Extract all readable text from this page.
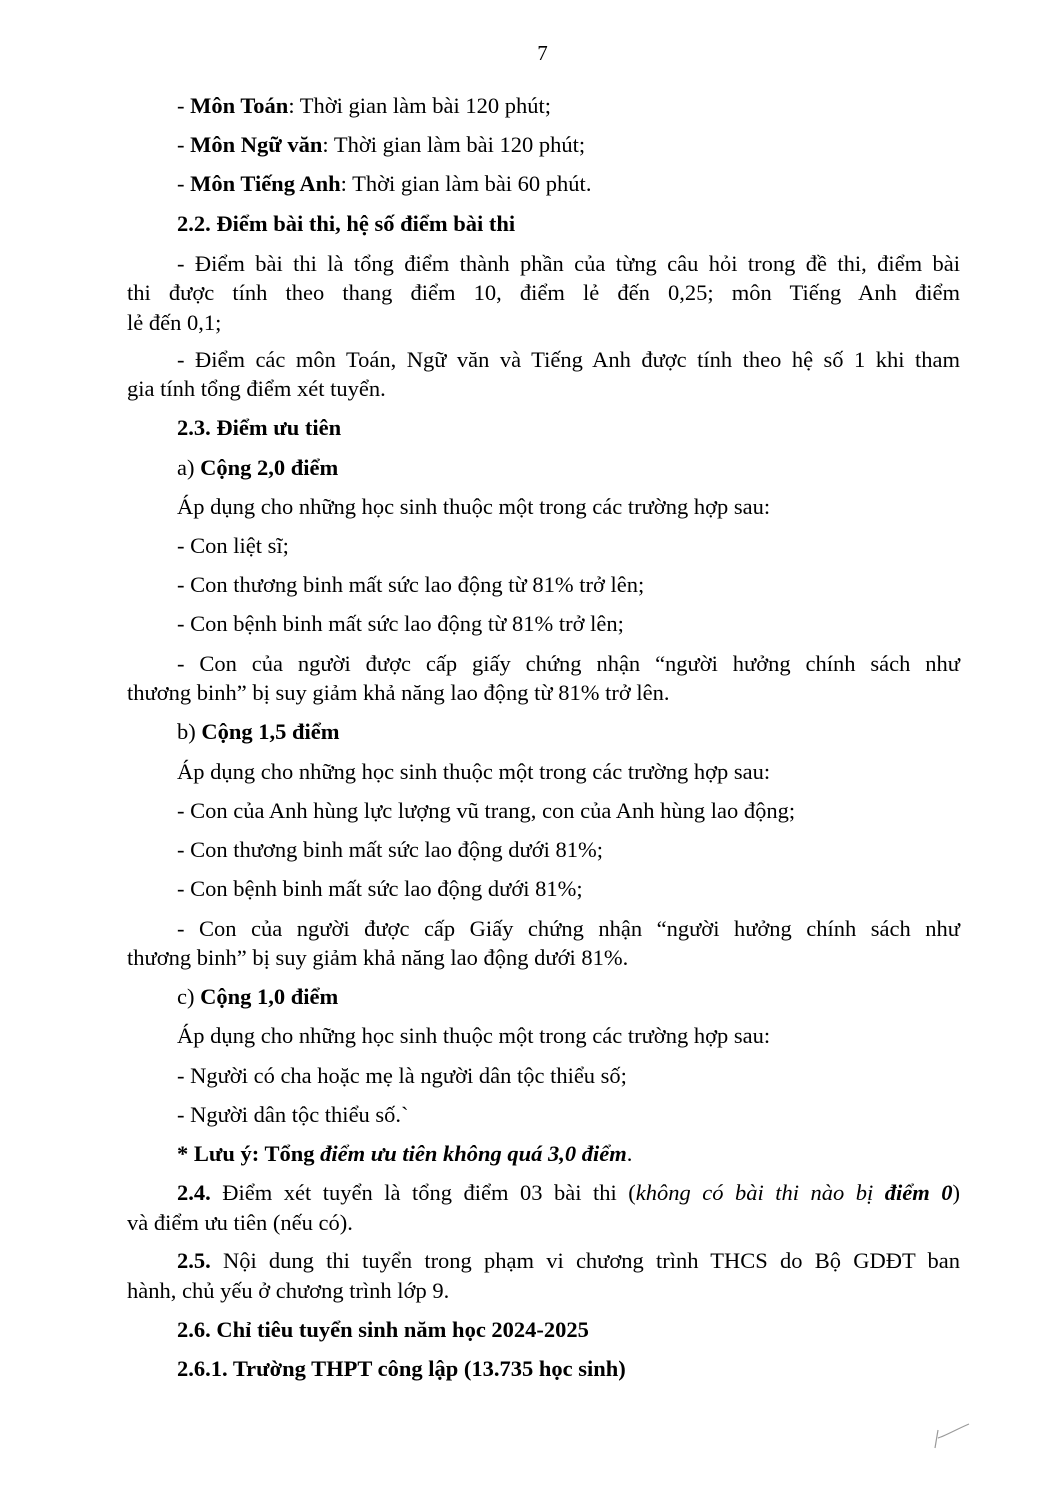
7
- Môn Toán: Thời gian làm bài 120 phút;
- Môn Ngữ văn: Thời gian làm bài 120 phút;
- Môn Tiếng Anh: Thời gian làm bài 60 phút.
2.2. Điểm bài thi, hệ số điểm bài thi
- Điểm bài thi là tổng điểm thành phần của từng câu hỏi trong đề thi, điểm bài
thi được tính theo thang điểm 10, điểm lẻ đến 0,25; môn Tiếng Anh điểm
lẻ đến 0,1;
- Điểm các môn Toán, Ngữ văn và Tiếng Anh được tính theo hệ số 1 khi tham
gia tính tổng điểm xét tuyển.
2.3. Điểm ưu tiên
a) Cộng 2,0 điểm
Áp dụng cho những học sinh thuộc một trong các trường hợp sau:
- Con liệt sĩ;
- Con thương binh mất sức lao động từ 81% trở lên;
- Con bệnh binh mất sức lao động từ 81% trở lên;
- Con của người được cấp giấy chứng nhận “người hưởng chính sách như
thương binh” bị suy giảm khả năng lao động từ 81% trở lên.
b) Cộng 1,5 điểm
Áp dụng cho những học sinh thuộc một trong các trường hợp sau:
- Con của Anh hùng lực lượng vũ trang, con của Anh hùng lao động;
- Con thương binh mất sức lao động dưới 81%;
- Con bệnh binh mất sức lao động dưới 81%;
- Con của người được cấp Giấy chứng nhận “người hưởng chính sách như
thương binh” bị suy giảm khả năng lao động dưới 81%.
c) Cộng 1,0 điểm
Áp dụng cho những học sinh thuộc một trong các trường hợp sau:
- Người có cha hoặc mẹ là người dân tộc thiểu số;
- Người dân tộc thiểu số.`
* Lưu ý: Tổng điểm ưu tiên không quá 3,0 điểm.
2.4. Điểm xét tuyển là tổng điểm 03 bài thi (không có bài thi nào bị điểm 0)
và điểm ưu tiên (nếu có).
2.5. Nội dung thi tuyển trong phạm vi chương trình THCS do Bộ GDĐT ban
hành, chủ yếu ở chương trình lớp 9.
2.6. Chỉ tiêu tuyển sinh năm học 2024-2025
2.6.1. Trường THPT công lập (13.735 học sinh)
